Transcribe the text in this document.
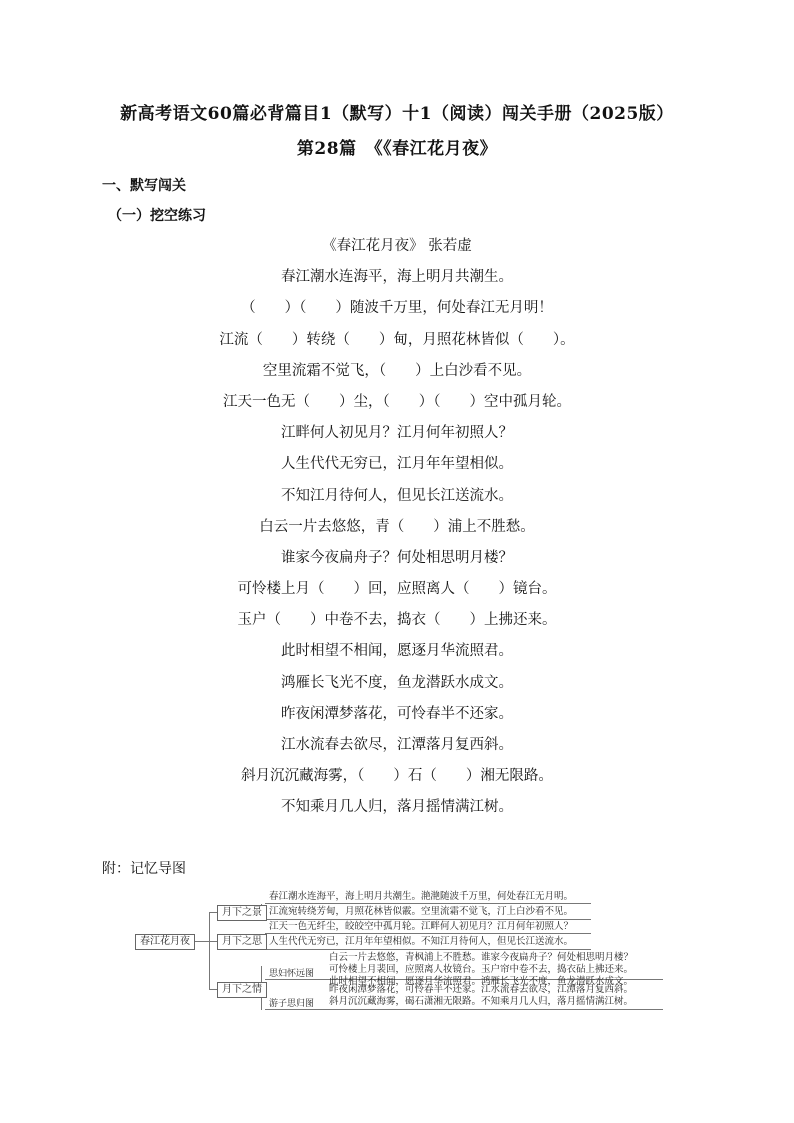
新高考语文60篇必背篇目1（默写）十1（阅读）闯关手册（2025版）
第28篇　《《春江花月夜》
一、默写闯关
（一）挖空练习
《春江花月夜》 张若虚
春江潮水连海平，海上明月共潮生。
（　　）（　　）随波千万里，何处春江无月明！
江流（　　）转绕（　　）甸，月照花林皆似（　　）。
空里流霜不觉飞，（　　）上白沙看不见。
江天一色无（　　）尘，（　　）（　　）空中孤月轮。
江畔何人初见月？江月何年初照人？
人生代代无穷已，江月年年望相似。
不知江月待何人，但见长江送流水。
白云一片去悠悠，青（　　）浦上不胜愁。
谁家今夜扁舟子？何处相思明月楼？
可怜楼上月（　　）回，应照离人（　　）镜台。
玉户（　　）中卷不去，捣衣（　　）上拂还来。
此时相望不相闻，愿逐月华流照君。
鸿雁长飞光不度，鱼龙潜跃水成文。
昨夜闲潭梦落花，可怜春半不还家。
江水流春去欲尽，江潭落月复西斜。
斜月沉沉藏海雾，（　　）石（　　）湘无限路。
不知乘月几人归，落月摇情满江树。
附：记忆导图
春江花月夜
月下之景
月下之思
月下之情
思妇怀远图
游子思归图
春江潮水连海平，海上明月共潮生。滟滟随波千万里，何处春江无月明。
江流宛转绕芳甸，月照花林皆似霰。空里流霜不觉飞，汀上白沙看不见。
江天一色无纤尘，皎皎空中孤月轮。江畔何人初见月？江月何年初照人？
人生代代无穷已，江月年年望相似。不知江月待何人，但见长江送流水。
白云一片去悠悠，青枫浦上不胜愁。谁家今夜扁舟子？何处相思明月楼？
可怜楼上月裴回，应照离人妆镜台。玉户帘中卷不去，捣衣砧上拂还来。
此时相望不相闻，愿逐月华流照君。鸿雁长飞光不度，鱼龙潜跃水成文。
昨夜闲潭梦落花，可怜春半不还家。江水流春去欲尽，江潭落月复西斜。
斜月沉沉藏海雾，碣石潇湘无限路。不知乘月几人归，落月摇情满江树。
